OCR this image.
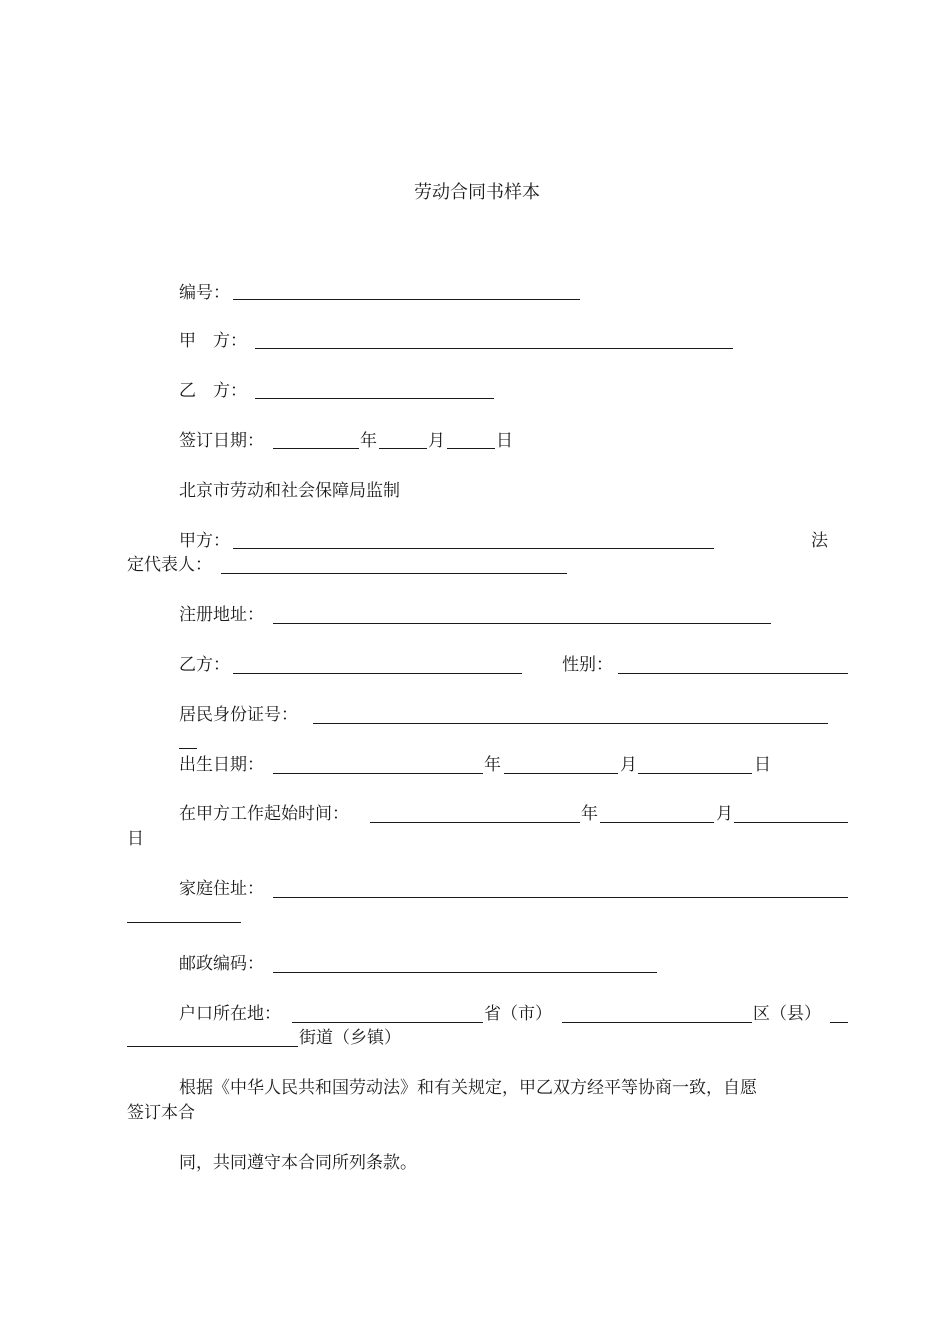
劳动合同书样本
编号：
甲　方：
乙　方：
签订日期：	年	月	日
北京市劳动和社会保障局监制
甲方：	法
定代表人：
注册地址：
乙方：	性别：
居民身份证号：
出生日期：	年	月	日
在甲方工作起始时间：	年	月
日
家庭住址：
邮政编码：
户口所在地：	省（市）	区（县）
街道（乡镇）
根据《中华人民共和国劳动法》和有关规定，甲乙双方经平等协商一致，自愿
签订本合
同，共同遵守本合同所列条款。
